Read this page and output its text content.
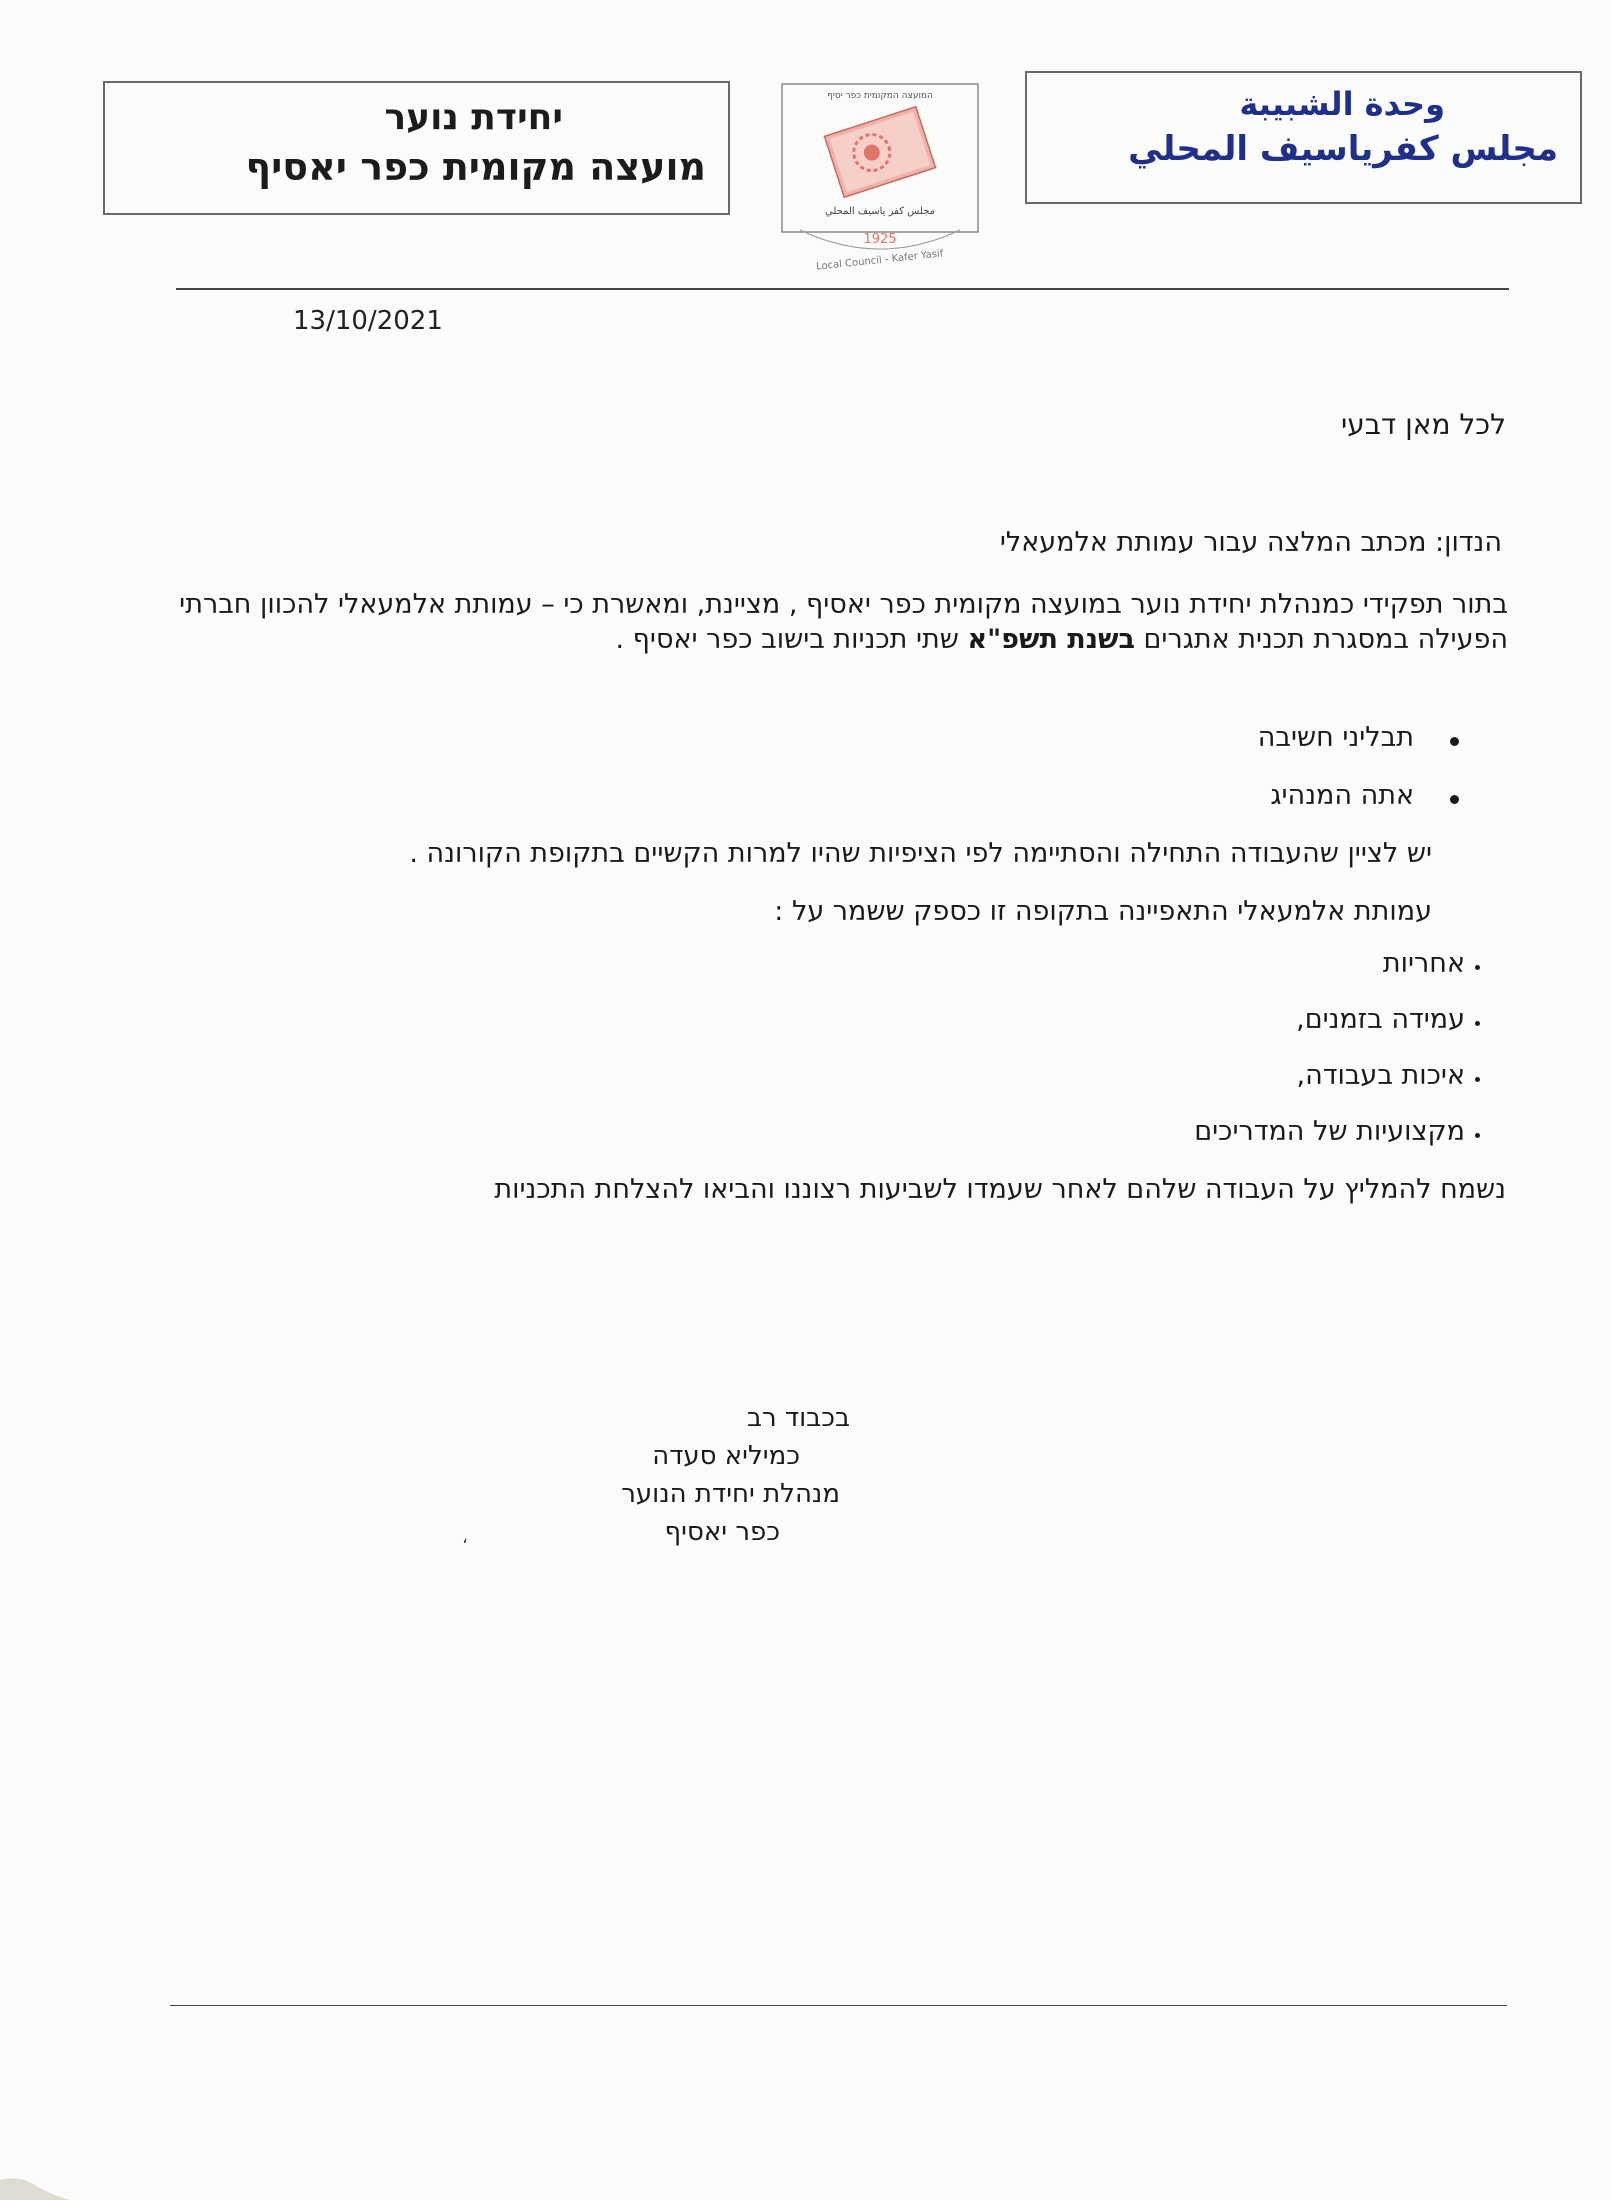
יחידת נוער
מועצה מקומית כפר יאסיף
המועצה המקומית כפר יסיף
مجلس كفر ياسيف المحلي
1925
Local Council - Kafer Yasif
وحدة الشبيبة
مجلس كفرياسيف المحلي
13/10/2021
לכל מאן דבעי
הנדון: מכתב המלצה עבור עמותת אלמעאלי
בתור תפקידי כמנהלת יחידת נוער במועצה מקומית כפר יאסיף , מציינת, ומאשרת כי – עמותת אלמעאלי להכוון חברתי הפעילה במסגרת תכנית אתגרים בשנת תשפ"א שתי תכניות בישוב כפר יאסיף .
תבליני חשיבה
אתה המנהיג
יש לציין שהעבודה התחילה והסתיימה לפי הציפיות שהיו למרות הקשיים בתקופת הקורונה .
עמותת אלמעאלי התאפיינה בתקופה זו כספק ששמר על :
אחריות
עמידה בזמנים,
איכות בעבודה,
מקצועיות של המדריכים
נשמח להמליץ על העבודה שלהם לאחר שעמדו לשביעות רצוננו והביאו להצלחת התכניות
בכבוד רב
כמיליא סעדה
מנהלת יחידת הנוער
כפר יאסיף
،
